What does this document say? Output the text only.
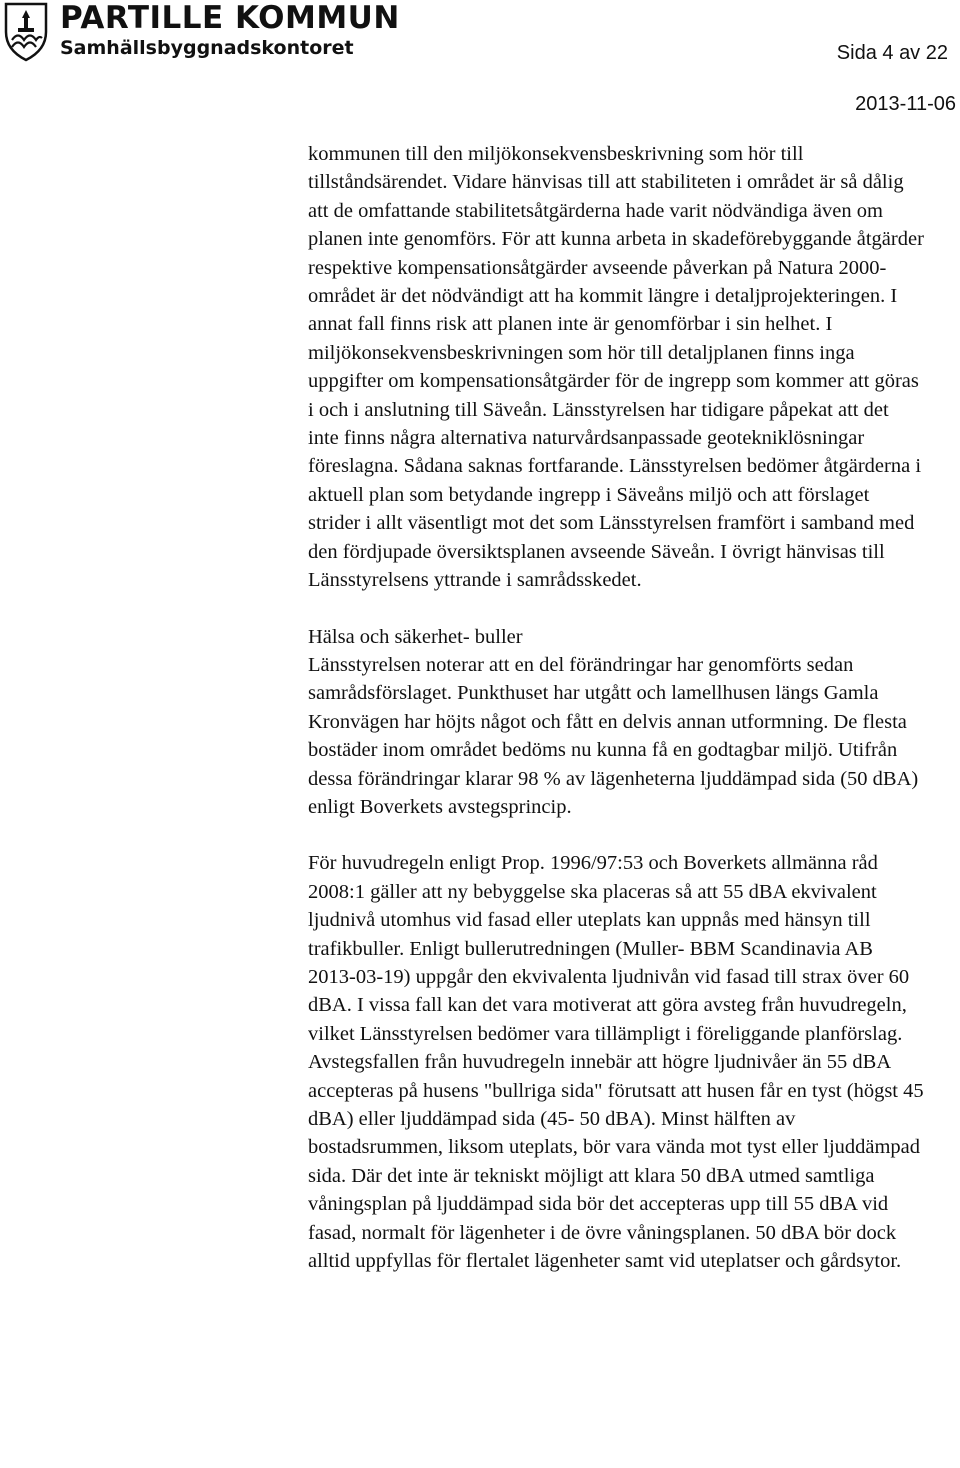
PARTILLE KOMMUN
Samhällsbyggnadskontoret	Sida 4 av 22
2013-11-06

kommunen till den miljökonsekvensbeskrivning som hör till tillståndsärendet. Vidare hänvisas till att stabiliteten i området är så dålig att de omfattande stabilitetsåtgärderna hade varit nödvändiga även om planen inte genomförs. För att kunna arbeta in skadeförebyggande åtgärder respektive kompensationsåtgärder avseende påverkan på Natura 2000-området är det nödvändigt att ha kommit längre i detaljprojekteringen. I annat fall finns risk att planen inte är genomförbar i sin helhet. I miljökonsekvensbeskrivningen som hör till detaljplanen finns inga uppgifter om kompensationsåtgärder för de ingrepp som kommer att göras i och i anslutning till Säveån. Länsstyrelsen har tidigare påpekat att det inte finns några alternativa naturvårdsanpassade geotekniklösningar föreslagna. Sådana saknas fortfarande. Länsstyrelsen bedömer åtgärderna i aktuell plan som betydande ingrepp i Säveåns miljö och att förslaget strider i allt väsentligt mot det som Länsstyrelsen framfört i samband med den fördjupade översiktsplanen avseende Säveån. I övrigt hänvisas till Länsstyrelsens yttrande i samrådsskedet.

Hälsa och säkerhet- buller

Länsstyrelsen noterar att en del förändringar har genomförts sedan samrådsförslaget. Punkthuset har utgått och lamellhusen längs Gamla Kronvägen har höjts något och fått en delvis annan utformning. De flesta bostäder inom området bedöms nu kunna få en godtagbar miljö. Utifrån dessa förändringar klarar 98 % av lägenheterna ljuddämpad sida (50 dBA) enligt Boverkets avstegsprincip.

För huvudregeln enligt Prop. 1996/97:53 och Boverkets allmänna råd 2008:1 gäller att ny bebyggelse ska placeras så att 55 dBA ekvivalent ljudnivå utomhus vid fasad eller uteplats kan uppnås med hänsyn till trafikbuller. Enligt bullerutredningen (Muller- BBM Scandinavia AB 2013-03-19) uppgår den ekvivalenta ljudnivån vid fasad till strax över 60 dBA. I vissa fall kan det vara motiverat att göra avsteg från huvudregeln, vilket Länsstyrelsen bedömer vara tillämpligt i föreliggande planförslag. Avstegsfallen från huvudregeln innebär att högre ljudnivåer än 55 dBA accepteras på husens "bullriga sida" förutsatt att husen får en tyst (högst 45 dBA) eller ljuddämpad sida (45- 50 dBA). Minst hälften av bostadsrummen, liksom uteplats, bör vara vända mot tyst eller ljuddämpad sida. Där det inte är tekniskt möjligt att klara 50 dBA utmed samtliga våningsplan på ljuddämpad sida bör det accepteras upp till 55 dBA vid fasad, normalt för lägenheter i de övre våningsplanen. 50 dBA bör dock alltid uppfyllas för flertalet lägenheter samt vid uteplatser och gårdsytor.
